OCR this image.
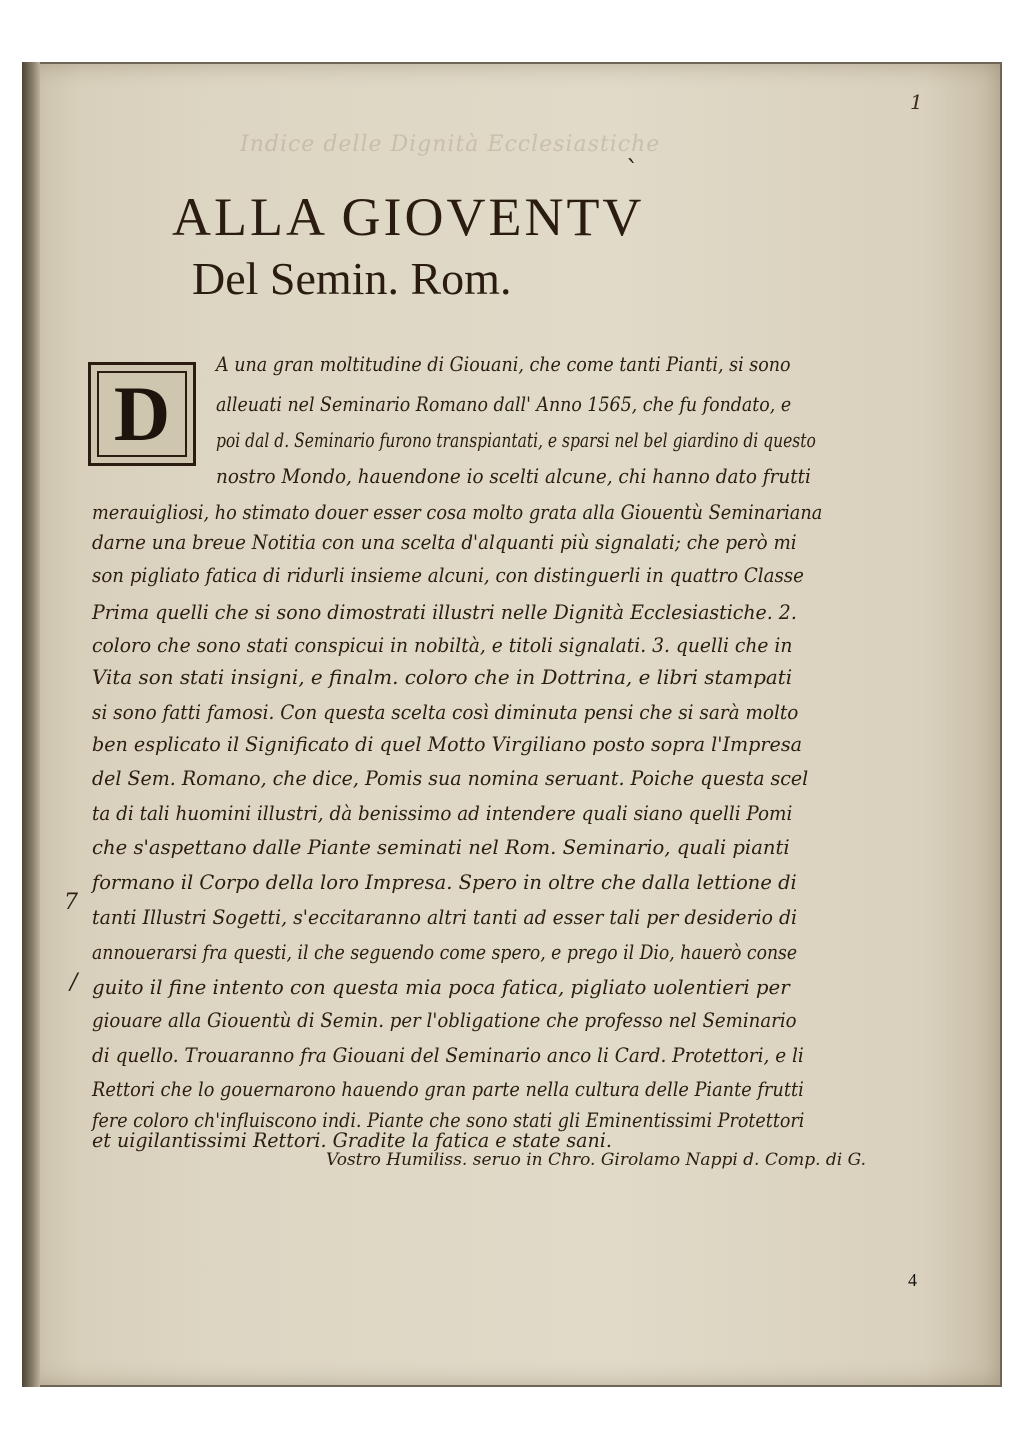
Indice delle Dignità Ecclesiastiche
1
`
ALLA GIOVENTV
Del Semin. Rom.
D
A una gran moltitudine di Giouani, che come tanti Pianti, si sono
alleuati nel Seminario Romano dall' Anno 1565, che fu fondato, e
poi dal d. Seminario furono transpiantati, e sparsi nel bel giardino di questo
nostro Mondo, hauendone io scelti alcune, chi hanno dato frutti
merauigliosi, ho stimato douer esser cosa molto grata alla Giouentù Seminariana
darne una breue Notitia con una scelta d'alquanti più signalati; che però mi
son pigliato fatica di ridurli insieme alcuni, con distinguerli in quattro Classe
Prima quelli che si sono dimostrati illustri nelle Dignità Ecclesiastiche. 2.
coloro che sono stati conspicui in nobiltà, e titoli signalati. 3. quelli che in
Vita son stati insigni, e finalm. coloro che in Dottrina, e libri stampati
si sono fatti famosi. Con questa scelta così diminuta pensi che si sarà molto
ben esplicato il Significato di quel Motto Virgiliano posto sopra l'Impresa
del Sem. Romano, che dice, Pomis sua nomina seruant. Poiche questa scel
ta di tali huomini illustri, dà benissimo ad intendere quali siano quelli Pomi
che s'aspettano dalle Piante seminati nel Rom. Seminario, quali pianti
formano il Corpo della loro Impresa. Spero in oltre che dalla lettione di
tanti Illustri Sogetti, s'eccitaranno altri tanti ad esser tali per desiderio di
annouerarsi fra questi, il che seguendo come spero, e prego il Dio, hauerò conse
guito il fine intento con questa mia poca fatica, pigliato uolentieri per
giouare alla Giouentù di Semin. per l'obligatione che professo nel Seminario
di quello. Trouaranno fra Giouani del Seminario anco li Card. Protettori, e li
Rettori che lo gouernarono hauendo gran parte nella cultura delle Piante frutti
fere coloro ch'influiscono indi. Piante che sono stati gli Eminentissimi Protettori
et uigilantissimi Rettori. Gradite la fatica e state sani.
7
/
Vostro Humiliss. seruo in Chro. Girolamo Nappi d. Comp. di G.
4
